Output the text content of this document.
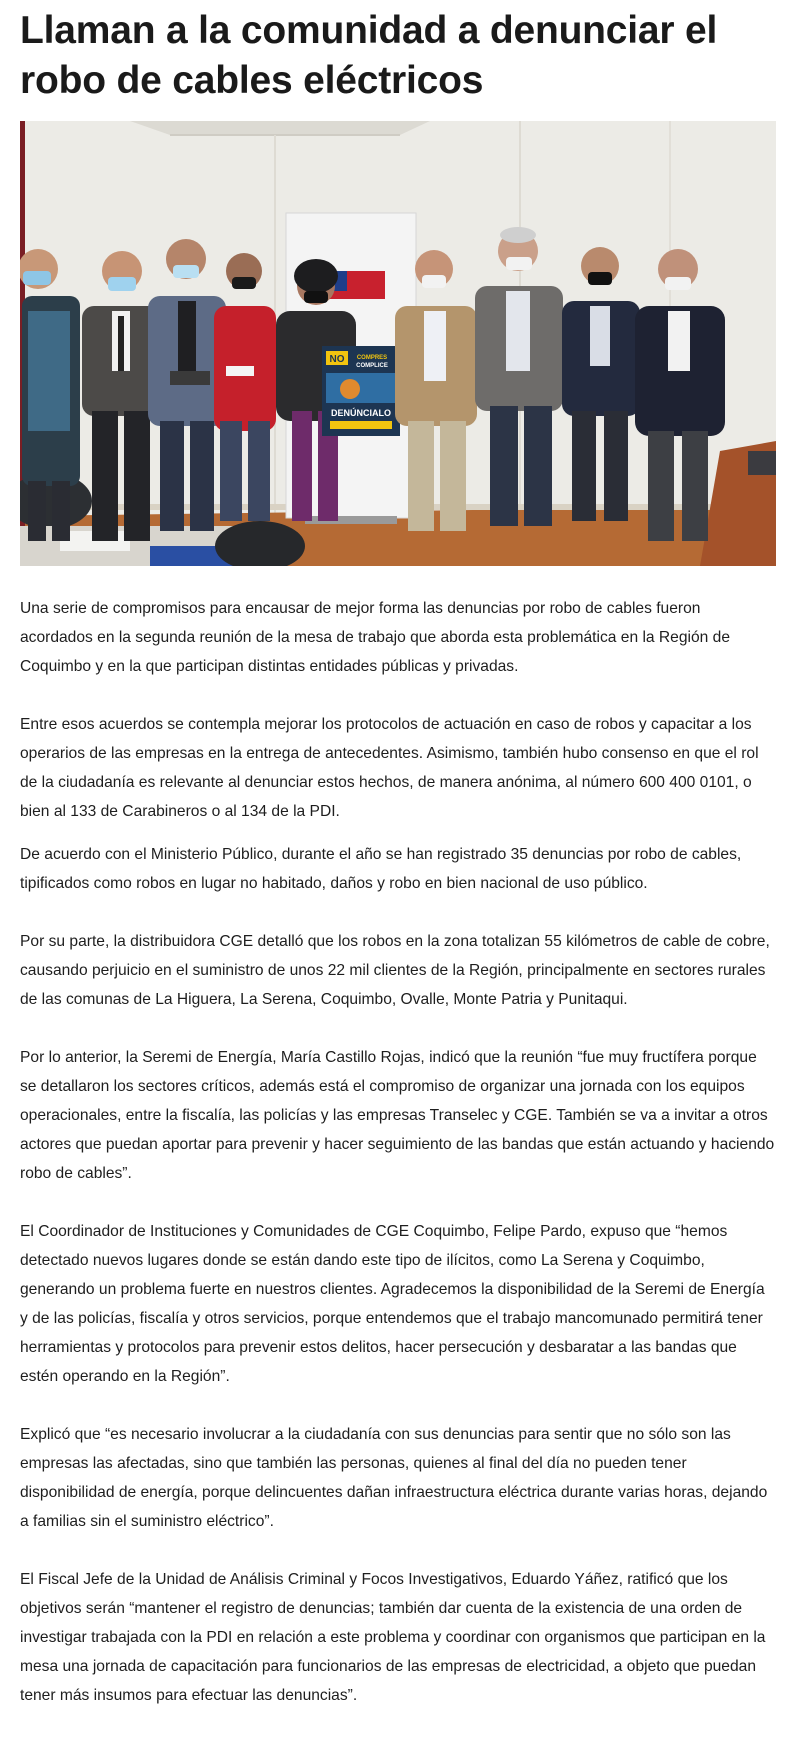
Llaman a la comunidad a denunciar el robo de cables eléctricos
NO COMPRES
COMPLICE
DENÚNCIALO

Una serie de compromisos para encausar de mejor forma las denuncias por robo de cables fueron acordados en la segunda reunión de la mesa de trabajo que aborda esta problemática en la Región de Coquimbo y en la que participan distintas entidades públicas y privadas.

Entre esos acuerdos se contempla mejorar los protocolos de actuación en caso de robos y capacitar a los operarios de las empresas en la entrega de antecedentes. Asimismo, también hubo consenso en que el rol de la ciudadanía es relevante al denunciar estos hechos, de manera anónima, al número 600 400 0101, o bien al 133 de Carabineros o al 134 de la PDI.

De acuerdo con el Ministerio Público, durante el año se han registrado 35 denuncias por robo de cables, tipificados como robos en lugar no habitado, daños y robo en bien nacional de uso público.

Por su parte, la distribuidora CGE detalló que los robos en la zona totalizan 55 kilómetros de cable de cobre, causando perjuicio en el suministro de unos 22 mil clientes de la Región, principalmente en sectores rurales de las comunas de La Higuera, La Serena, Coquimbo, Ovalle, Monte Patria y Punitaqui.

Por lo anterior, la Seremi de Energía, María Castillo Rojas, indicó que la reunión “fue muy fructífera porque se detallaron los sectores críticos, además está el compromiso de organizar una jornada con los equipos operacionales, entre la fiscalía, las policías y las empresas Transelec y CGE. También se va a invitar a otros actores que puedan aportar para prevenir y hacer seguimiento de las bandas que están actuando y haciendo robo de cables”.

El Coordinador de Instituciones y Comunidades de CGE Coquimbo, Felipe Pardo, expuso que “hemos detectado nuevos lugares donde se están dando este tipo de ilícitos, como La Serena y Coquimbo, generando un problema fuerte en nuestros clientes. Agradecemos la disponibilidad de la Seremi de Energía y de las policías, fiscalía y otros servicios, porque entendemos que el trabajo mancomunado permitirá tener herramientas y protocolos para prevenir estos delitos, hacer persecución y desbaratar a las bandas que estén operando en la Región”.

Explicó que “es necesario involucrar a la ciudadanía con sus denuncias para sentir que no sólo son las empresas las afectadas, sino que también las personas, quienes al final del día no pueden tener disponibilidad de energía, porque delincuentes dañan infraestructura eléctrica durante varias horas, dejando a familias sin el suministro eléctrico”.

El Fiscal Jefe de la Unidad de Análisis Criminal y Focos Investigativos, Eduardo Yáñez, ratificó que los objetivos serán “mantener el registro de denuncias; también dar cuenta de la existencia de una orden de investigar trabajada con la PDI en relación a este problema y coordinar con organismos que participan en la mesa una jornada de capacitación para funcionarios de las empresas de electricidad, a objeto que puedan tener más insumos para efectuar las denuncias”.
